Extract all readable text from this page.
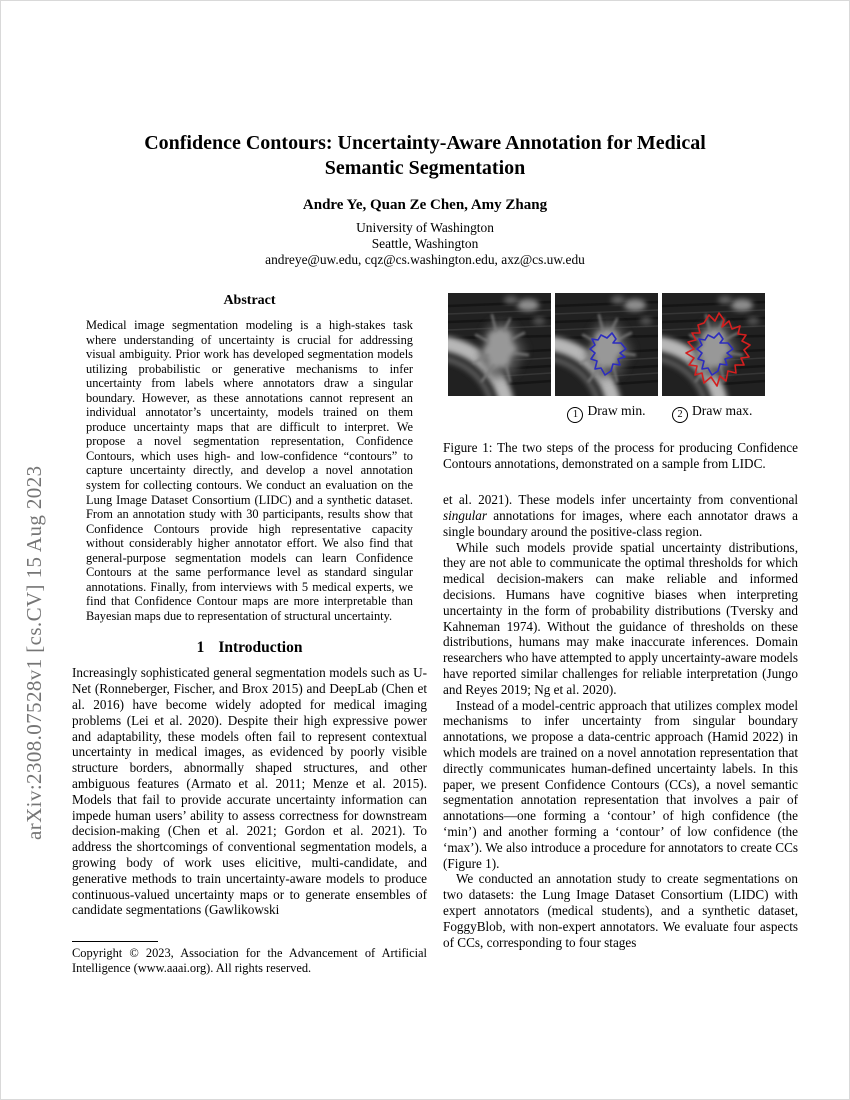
arXiv:2308.07528v1 [cs.CV] 15 Aug 2023
Confidence Contours: Uncertainty-Aware Annotation for Medical Semantic Segmentation
Andre Ye, Quan Ze Chen, Amy Zhang
University of Washington
Seattle, Washington
andreye@uw.edu, cqz@cs.washington.edu, axz@cs.uw.edu
Abstract
Medical image segmentation modeling is a high-stakes task where understanding of uncertainty is crucial for addressing visual ambiguity. Prior work has developed segmentation models utilizing probabilistic or generative mechanisms to infer uncertainty from labels where annotators draw a singular boundary. However, as these annotations cannot represent an individual annotator’s uncertainty, models trained on them produce uncertainty maps that are difficult to interpret. We propose a novel segmentation representation, Confidence Contours, which uses high- and low-confidence “contours” to capture uncertainty directly, and develop a novel annotation system for collecting contours. We conduct an evaluation on the Lung Image Dataset Consortium (LIDC) and a synthetic dataset. From an annotation study with 30 participants, results show that Confidence Contours provide high representative capacity without considerably higher annotator effort. We also find that general-purpose segmentation models can learn Confidence Contours at the same performance level as standard singular annotations. Finally, from interviews with 5 medical experts, we find that Confidence Contour maps are more interpretable than Bayesian maps due to representation of structural uncertainty.
1 Introduction

Increasingly sophisticated general segmentation models such as U-Net (Ronneberger, Fischer, and Brox 2015) and DeepLab (Chen et al. 2016) have become widely adopted for medical imaging problems (Lei et al. 2020). Despite their high expressive power and adaptability, these models often fail to represent contextual uncertainty in medical images, as evidenced by poorly visible structure borders, abnormally shaped structures, and other ambiguous features (Armato et al. 2011; Menze et al. 2015). Models that fail to provide accurate uncertainty information can impede human users’ ability to assess correctness for downstream decision-making (Chen et al. 2021; Gordon et al. 2021). To address the shortcomings of conventional segmentation models, a growing body of work uses elicitive, multi-candidate, and generative methods to train uncertainty-aware models to produce continuous-valued uncertainty maps or to generate ensembles of candidate segmentations (Gawlikowski

Copyright © 2023, Association for the Advancement of Artificial Intelligence (www.aaai.org). All rights reserved.
1 Draw min.	2 Draw max.
Figure 1: The two steps of the process for producing Confidence Contours annotations, demonstrated on a sample from LIDC.

et al. 2021). These models infer uncertainty from conventional singular annotations for images, where each annotator draws a single boundary around the positive-class region.

While such models provide spatial uncertainty distributions, they are not able to communicate the optimal thresholds for which medical decision-makers can make reliable and informed decisions. Humans have cognitive biases when interpreting uncertainty in the form of probability distributions (Tversky and Kahneman 1974). Without the guidance of thresholds on these distributions, humans may make inaccurate inferences. Domain researchers who have attempted to apply uncertainty-aware models have reported similar challenges for reliable interpretation (Jungo and Reyes 2019; Ng et al. 2020).

Instead of a model-centric approach that utilizes complex model mechanisms to infer uncertainty from singular boundary annotations, we propose a data-centric approach (Hamid 2022) in which models are trained on a novel annotation representation that directly communicates human-defined uncertainty labels. In this paper, we present Confidence Contours (CCs), a novel semantic segmentation annotation representation that involves a pair of annotations—one forming a ‘contour’ of high confidence (the ‘min’) and another forming a ‘contour’ of low confidence (the ‘max’). We also introduce a procedure for annotators to create CCs (Figure 1).

We conducted an annotation study to create segmentations on two datasets: the Lung Image Dataset Consortium (LIDC) with expert annotators (medical students), and a synthetic dataset, FoggyBlob, with non-expert annotators. We evaluate four aspects of CCs, corresponding to four stages
